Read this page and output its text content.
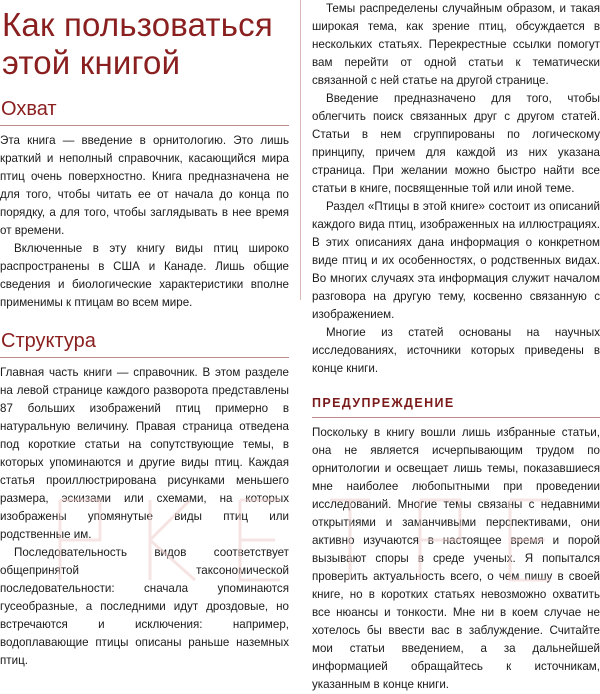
Как пользоваться этой книгой
Охват

Эта книга — введение в орнитологию. Это лишь краткий и неполный справочник, касающийся мира птиц очень поверхностно. Книга предназначена не для того, чтобы читать ее от начала до конца по порядку, а для того, чтобы заглядывать в нее время от времени.

Включенные в эту книгу виды птиц широко распространены в США и Канаде. Лишь общие сведения и биологические характеристики вполне применимы к птицам во всем мире.

Структура

Главная часть книги — справочник. В этом разделе на левой странице каждого разворота представлены 87 больших изображений птиц примерно в натуральную величину. Правая страница отведена под короткие статьи на сопутствующие темы, в которых упоминаются и другие виды птиц. Каждая статья проиллюстрирована рисунками меньшего размера, эскизами или схемами, на которых изображены упомянутые виды птиц или родственные им.

Последовательность видов соответствует общепринятой таксономической последовательности: сначала упоминаются гусеобразные, а последними идут дроздовые, но встречаются и исключения: например, водоплавающие птицы описаны раньше наземных птиц.

Темы распределены случайным образом, и такая широкая тема, как зрение птиц, обсуждается в нескольких статьях. Перекрестные ссылки помогут вам перейти от одной статьи к тематически связанной с ней статье на другой странице.

Введение предназначено для того, чтобы облегчить поиск связанных друг с другом статей. Статьи в нем сгруппированы по логическому принципу, причем для каждой из них указана страница. При желании можно быстро найти все статьи в книге, посвященные той или иной теме.

Раздел «Птицы в этой книге» состоит из описаний каждого вида птиц, изображенных на иллюстрациях. В этих описаниях дана информация о конкретном виде птиц и их особенностях, о родственных видах. Во многих случаях эта информация служит началом разговора на другую тему, косвенно связанную с изображением.

Многие из статей основаны на научных исследованиях, источники которых приведены в конце книги.

ПРЕДУПРЕЖДЕНИЕ

Поскольку в книгу вошли лишь избранные статьи, она не является исчерпывающим трудом по орнитологии и освещает лишь темы, показавшиеся мне наиболее любопытными при проведении исследований. Многие темы связаны с недавними открытиями и заманчивыми перспективами, они активно изучаются в настоящее время и порой вызывают споры в среде ученых. Я попытался проверить актуальность всего, о чем пишу в своей книге, но в коротких статьях невозможно охватить все нюансы и тонкости. Мне ни в коем случае не хотелось бы ввести вас в заблуждение. Считайте мои статьи введением, а за дальнейшей информацией обращайтесь к источникам, указанным в конце книги.
